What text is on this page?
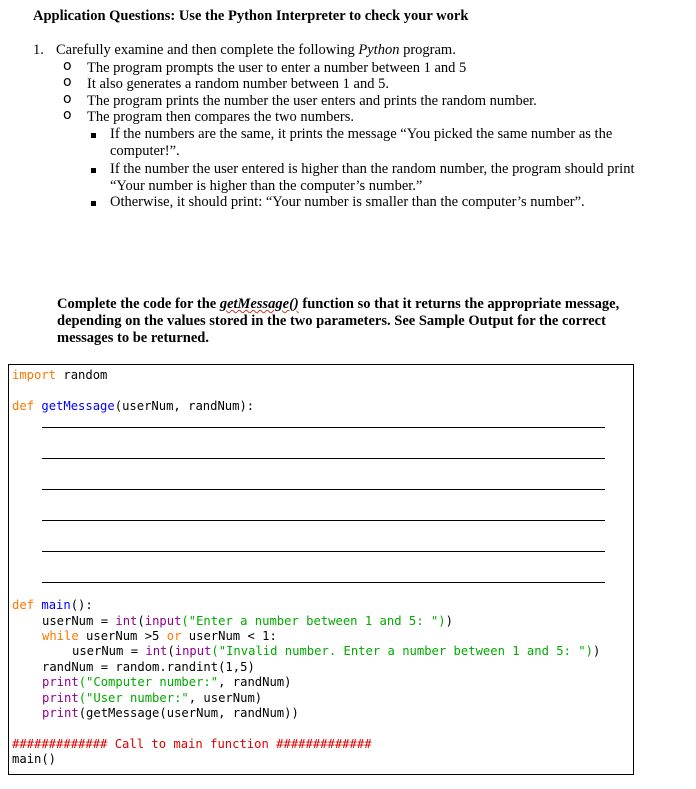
Application Questions: Use the Python Interpreter to check your work
1. Carefully examine and then complete the following Python program.
o The program prompts the user to enter a number between 1 and 5
o It also generates a random number between 1 and 5.
o The program prints the number the user enters and prints the random number.
o The program then compares the two numbers.
If the numbers are the same, it prints the message “You picked the same number as the computer!”.
If the number the user entered is higher than the random number, the program should print “Your number is higher than the computer’s number.”
Otherwise, it should print: “Your number is smaller than the computer’s number”.
Complete the code for the getMessage() function so that it returns the appropriate message, depending on the values stored in the two parameters. See Sample Output for the correct messages to be returned.
import random
def getMessage(userNum, randNum):
def main():
userNum = int(input("Enter a number between 1 and 5: "))
while userNum >5 or userNum < 1:
userNum = int(input("Invalid number. Enter a number between 1 and 5: "))
randNum = random.randint(1,5)
print("Computer number:", randNum)
print("User number:", userNum)
print(getMessage(userNum, randNum))
############# Call to main function #############
main()
